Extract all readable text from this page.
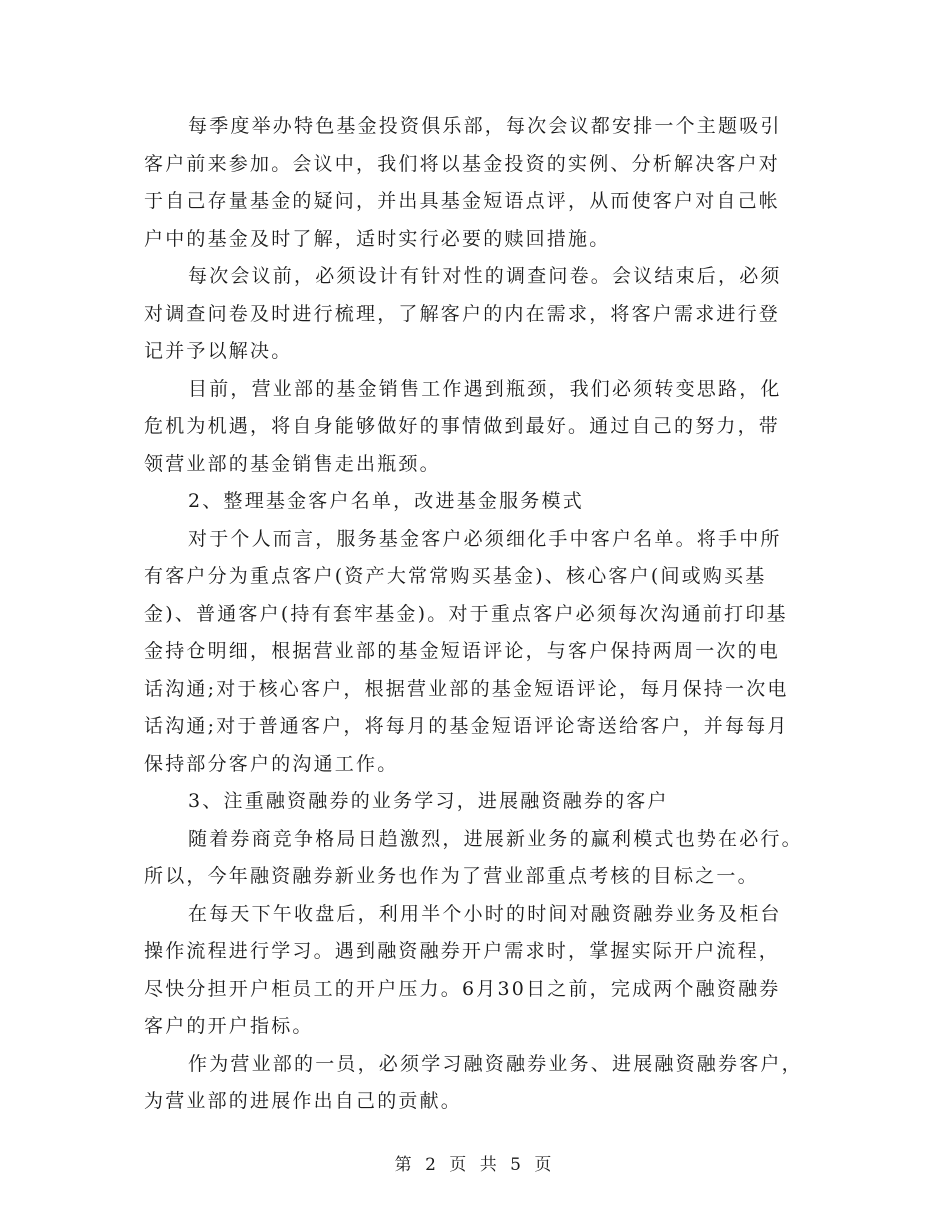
每季度举办特色基金投资俱乐部，每次会议都安排一个主题吸引
客户前来参加。会议中，我们将以基金投资的实例、分析解决客户对
于自己存量基金的疑问，并出具基金短语点评，从而使客户对自己帐
户中的基金及时了解，适时实行必要的赎回措施。
每次会议前，必须设计有针对性的调查问卷。会议结束后，必须
对调查问卷及时进行梳理，了解客户的内在需求，将客户需求进行登
记并予以解决。
目前，营业部的基金销售工作遇到瓶颈，我们必须转变思路，化
危机为机遇，将自身能够做好的事情做到最好。通过自己的努力，带
领营业部的基金销售走出瓶颈。
2、整理基金客户名单，改进基金服务模式
对于个人而言，服务基金客户必须细化手中客户名单。将手中所
有客户分为重点客户(资产大常常购买基金)、核心客户(间或购买基
金)、普通客户(持有套牢基金)。对于重点客户必须每次沟通前打印基
金持仓明细，根据营业部的基金短语评论，与客户保持两周一次的电
话沟通;对于核心客户，根据营业部的基金短语评论，每月保持一次电
话沟通;对于普通客户，将每月的基金短语评论寄送给客户，并每每月
保持部分客户的沟通工作。
3、注重融资融券的业务学习，进展融资融券的客户
随着券商竞争格局日趋激烈，进展新业务的赢利模式也势在必行。
所以，今年融资融券新业务也作为了营业部重点考核的目标之一。
在每天下午收盘后，利用半个小时的时间对融资融券业务及柜台
操作流程进行学习。遇到融资融券开户需求时，掌握实际开户流程，
尽快分担开户柜员工的开户压力。6月30日之前，完成两个融资融券
客户的开户指标。
作为营业部的一员，必须学习融资融券业务、进展融资融券客户，
为营业部的进展作出自己的贡献。
第 2 页 共 5 页
